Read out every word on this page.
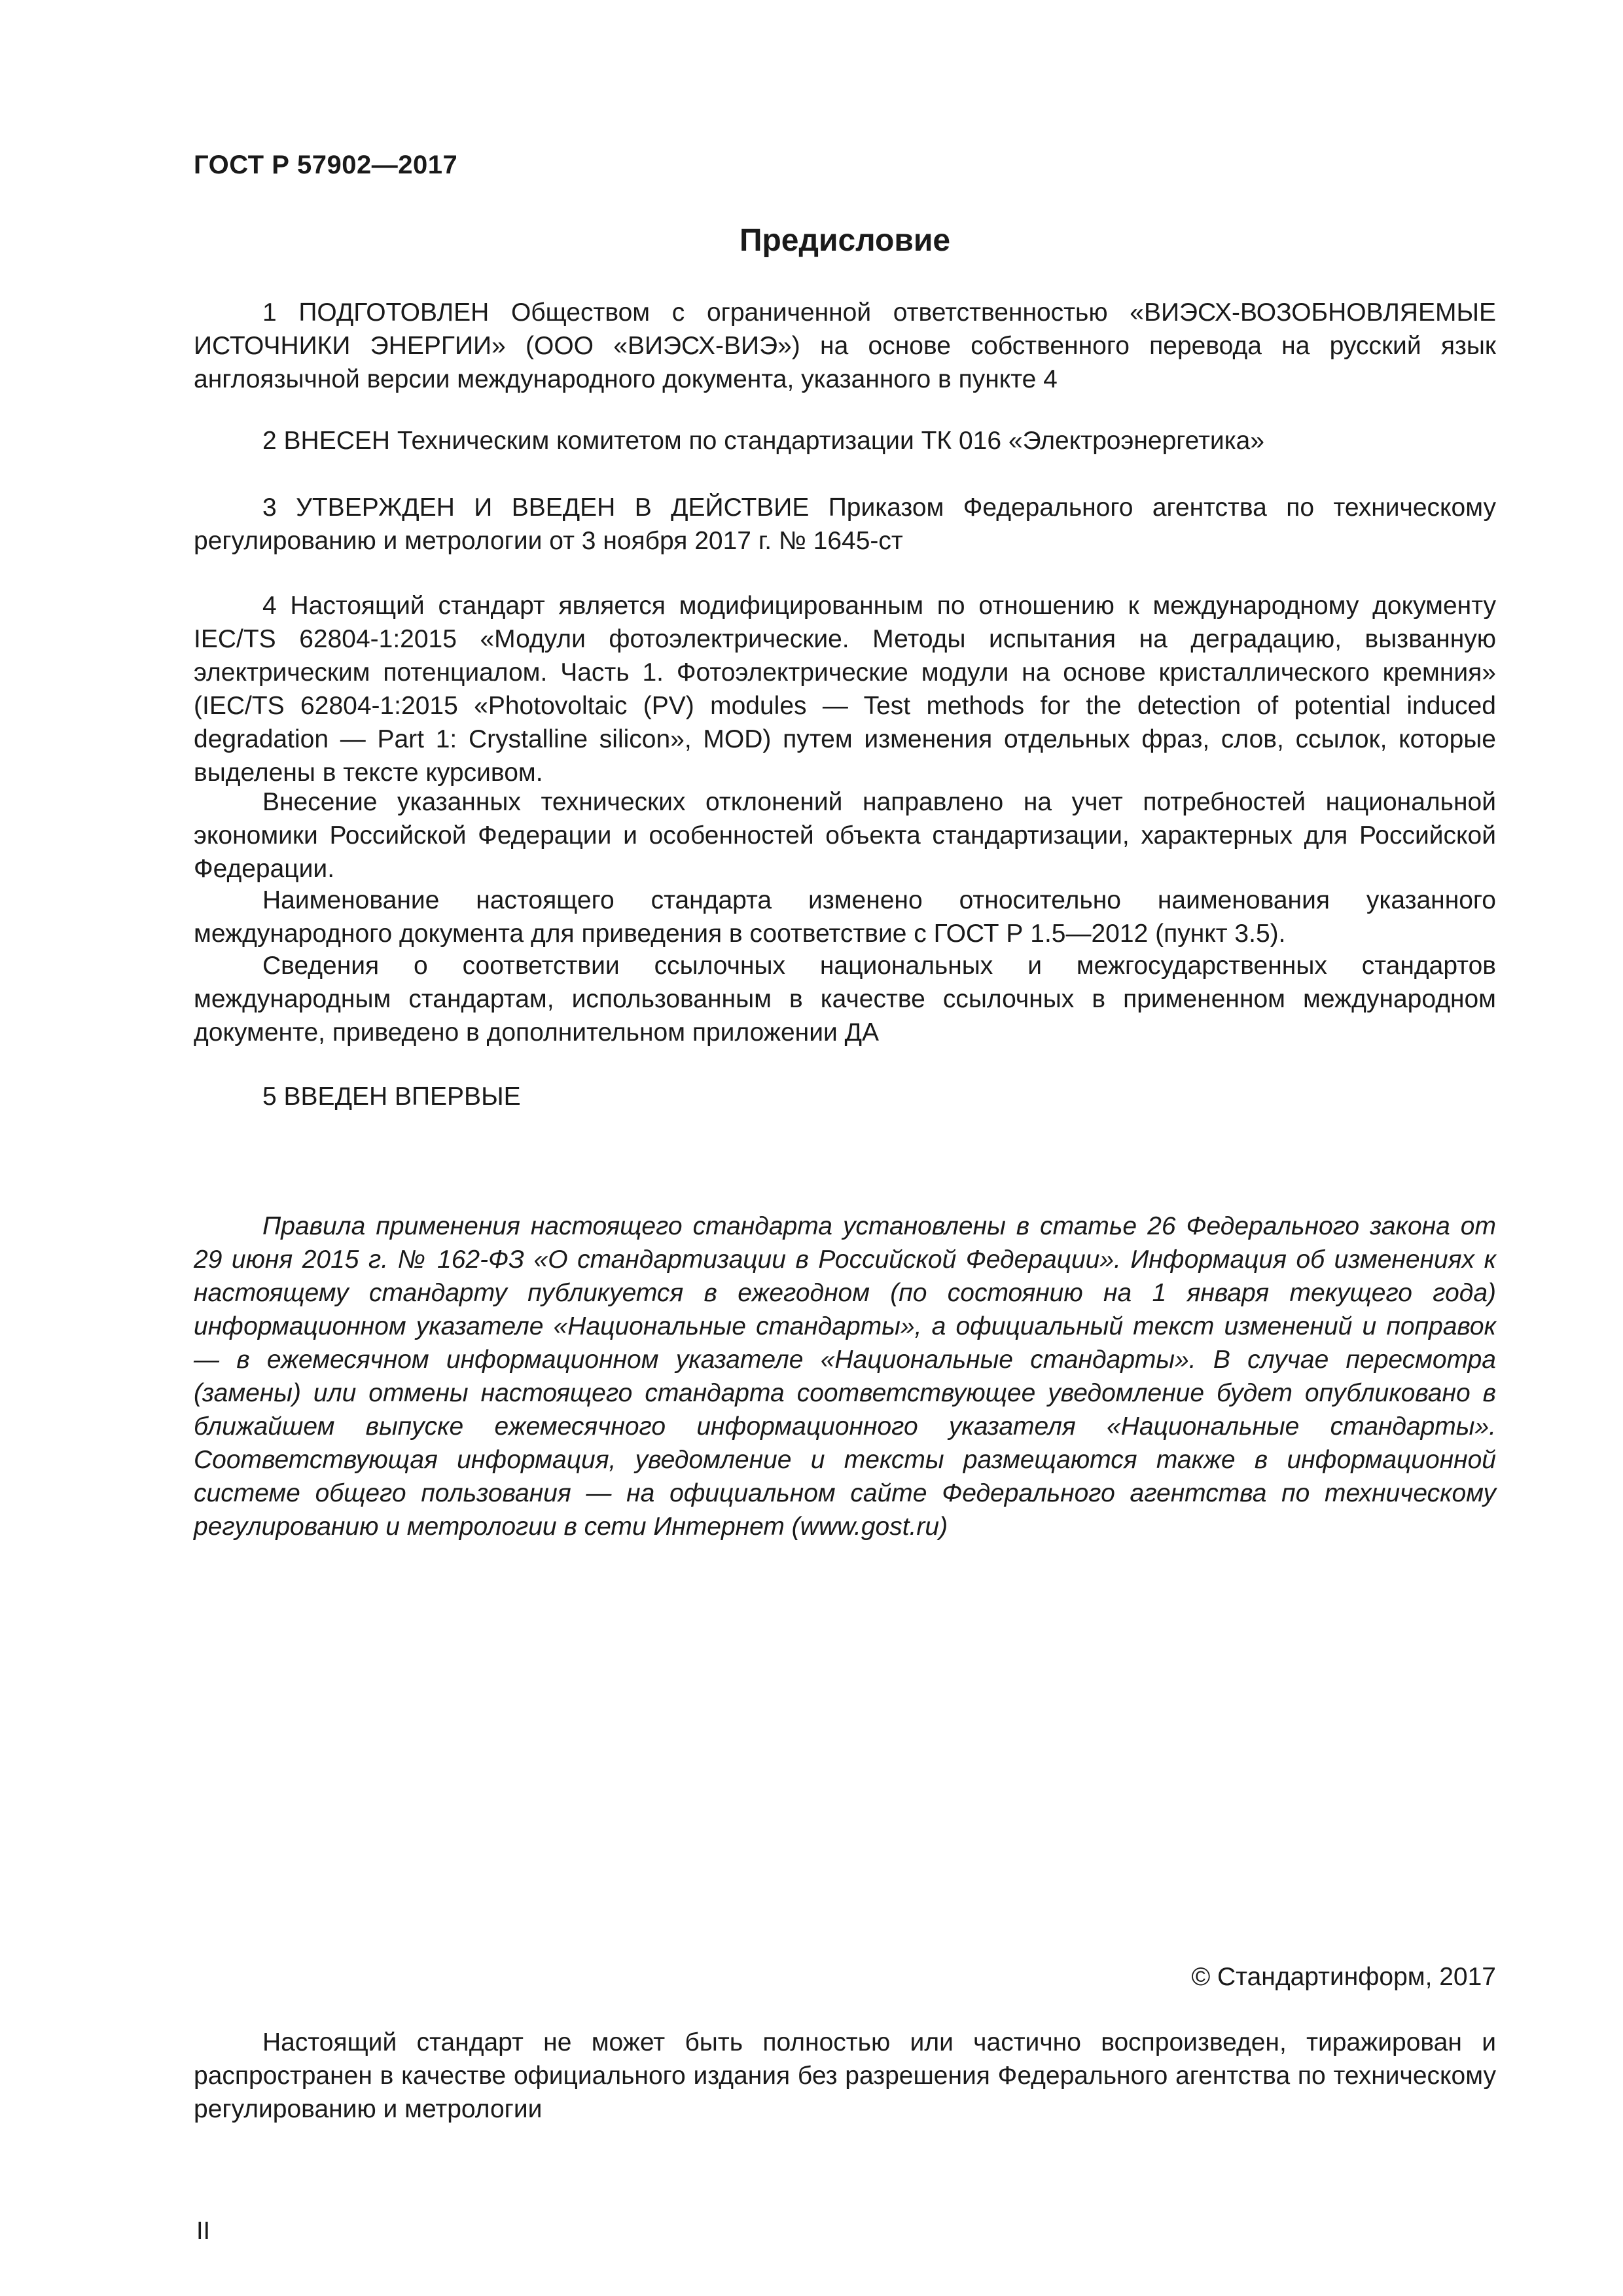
ГОСТ Р 57902—2017
Предисловие

1 ПОДГОТОВЛЕН Обществом с ограниченной ответственностью «ВИЭСХ-ВОЗОБНОВЛЯЕМЫЕ ИСТОЧНИКИ ЭНЕРГИИ» (ООО «ВИЭСХ-ВИЭ») на основе собственного перевода на русский язык англоязычной версии международного документа, указанного в пункте 4

2 ВНЕСЕН Техническим комитетом по стандартизации ТК 016 «Электроэнергетика»

3 УТВЕРЖДЕН И ВВЕДЕН В ДЕЙСТВИЕ Приказом Федерального агентства по техническому регулированию и метрологии от 3 ноября 2017 г. № 1645-ст

4 Настоящий стандарт является модифицированным по отношению к международному документу IEC/TS 62804-1:2015 «Модули фотоэлектрические. Методы испытания на деградацию, вызванную электрическим потенциалом. Часть 1. Фотоэлектрические модули на основе кристаллического кремния» (IEC/TS 62804-1:2015 «Photovoltaic (PV) modules — Test methods for the detection of potential induced degradation — Part 1: Crystalline silicon», MOD) путем изменения отдельных фраз, слов, ссылок, которые выделены в тексте курсивом.

Внесение указанных технических отклонений направлено на учет потребностей национальной экономики Российской Федерации и особенностей объекта стандартизации, характерных для Российской Федерации.

Наименование настоящего стандарта изменено относительно наименования указанного международного документа для приведения в соответствие с ГОСТ Р 1.5—2012 (пункт 3.5).

Сведения о соответствии ссылочных национальных и межгосударственных стандартов международным стандартам, использованным в качестве ссылочных в примененном международном документе, приведено в дополнительном приложении ДА

5 ВВЕДЕН ВПЕРВЫЕ

Правила применения настоящего стандарта установлены в статье 26 Федерального закона от 29 июня 2015 г. № 162-ФЗ «О стандартизации в Российской Федерации». Информация об изменениях к настоящему стандарту публикуется в ежегодном (по состоянию на 1 января текущего года) информационном указателе «Национальные стандарты», а официальный текст изменений и поправок — в ежемесячном информационном указателе «Национальные стандарты». В случае пересмотра (замены) или отмены настоящего стандарта соответствующее уведомление будет опубликовано в ближайшем выпуске ежемесячного информационного указателя «Национальные стандарты». Соответствующая информация, уведомление и тексты размещаются также в информационной системе общего пользования — на официальном сайте Федерального агентства по техническому регулированию и метрологии в сети Интернет (www.gost.ru)

© Стандартинформ, 2017

Настоящий стандарт не может быть полностью или частично воспроизведен, тиражирован и распространен в качестве официального издания без разрешения Федерального агентства по техническому регулированию и метрологии

II
